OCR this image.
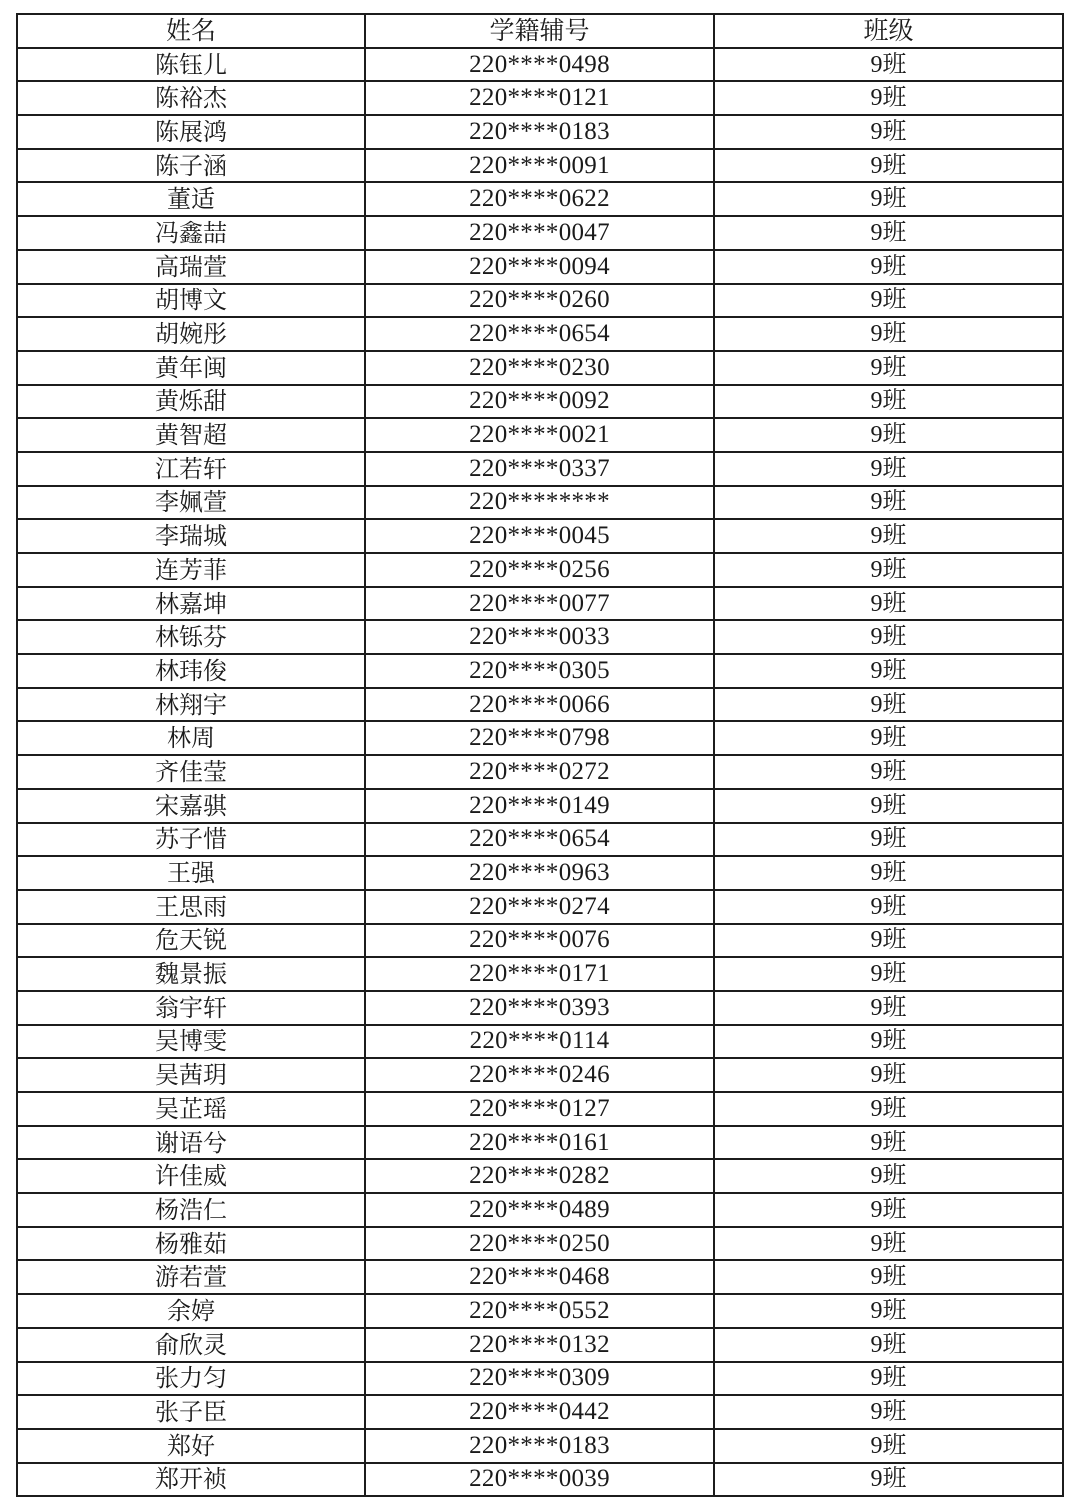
姓名	学籍辅号	班级
陈钰儿	220****0498	9班
陈裕杰	220****0121	9班
陈展鸿	220****0183	9班
陈子涵	220****0091	9班
董适	220****0622	9班
冯鑫喆	220****0047	9班
高瑞萱	220****0094	9班
胡博文	220****0260	9班
胡婉彤	220****0654	9班
黄年闽	220****0230	9班
黄烁甜	220****0092	9班
黄智超	220****0021	9班
江若轩	220****0337	9班
李姵萱	220********	9班
李瑞城	220****0045	9班
连芳菲	220****0256	9班
林嘉坤	220****0077	9班
林铄芬	220****0033	9班
林玮俊	220****0305	9班
林翔宇	220****0066	9班
林周	220****0798	9班
齐佳莹	220****0272	9班
宋嘉骐	220****0149	9班
苏子惜	220****0654	9班
王强	220****0963	9班
王思雨	220****0274	9班
危天锐	220****0076	9班
魏景振	220****0171	9班
翁宇轩	220****0393	9班
吴博雯	220****0114	9班
吴茜玥	220****0246	9班
吴芷瑶	220****0127	9班
谢语兮	220****0161	9班
许佳威	220****0282	9班
杨浩仁	220****0489	9班
杨雅茹	220****0250	9班
游若萱	220****0468	9班
余婷	220****0552	9班
俞欣灵	220****0132	9班
张力匀	220****0309	9班
张子臣	220****0442	9班
郑好	220****0183	9班
郑开祯	220****0039	9班
